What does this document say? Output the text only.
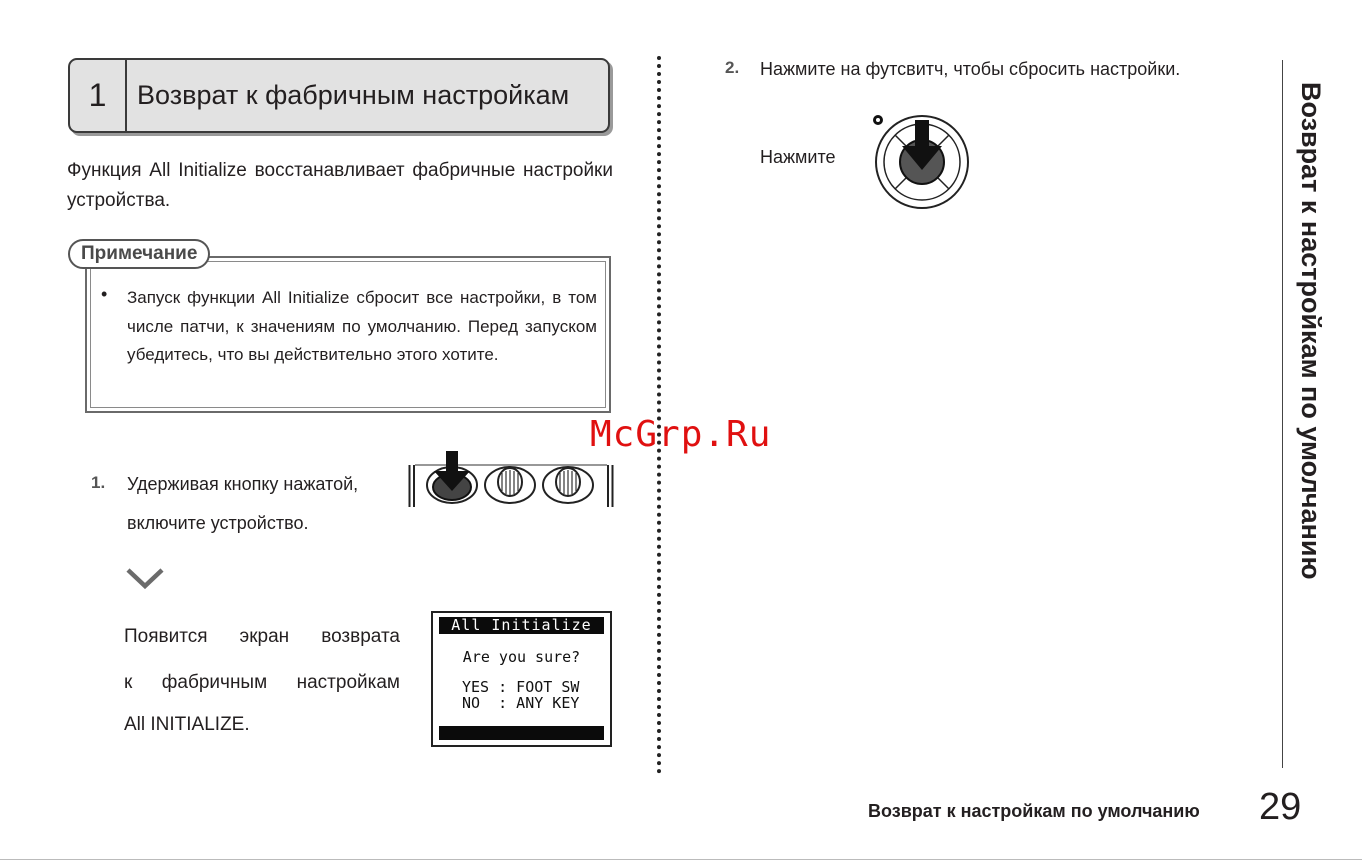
1	Возврат к фабричным настройкам
Функция All Initialize восстанавливает фабричные настройки устройства.
Примечание
• Запуск функции All Initialize сбросит все настройки, в том числе патчи, к значениям по умолчанию. Перед запуском убедитесь, что вы действительно этого хотите.
1. Удерживая кнопку нажатой,
включите устройство.
Появится экран возврата
к фабричным настройкам
All INITIALIZE.
All Initialize
Are you sure?
YES : FOOT SW
NO  : ANY KEY
2. Нажмите на футсвитч, чтобы сбросить настройки.
Нажмите	Возврат к настройкам по умолчанию
Возврат к настройкам по умолчанию 29
McGrp.Ru
